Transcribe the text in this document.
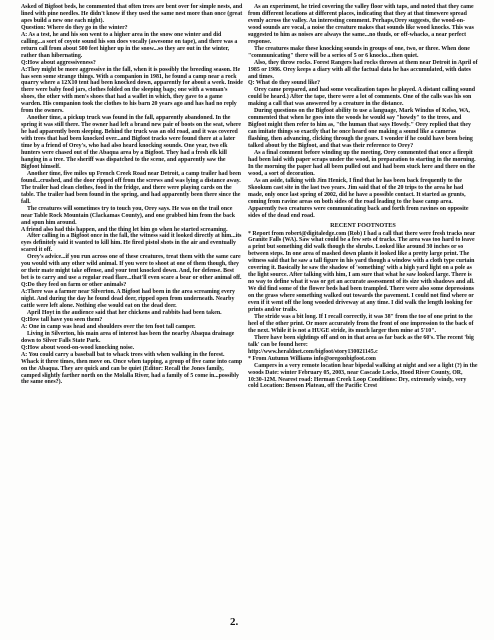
Asked of Bigfoot beds, he commented that often trees are bent over for simple nests, and lined with pine needles. He didn't know if they used the same nest more than once (great apes build a new one each night).

Question: Where do they go in the winter?

A: As a test, he and his son went to a higher area in the snow one winter and did calling...a sort of coyote sound his son does vocally (awesome on tape), and there was a return call from about 500 feet higher up in the snow...so they are out in the winter, rather than hibernating.

Q:How about aggressiveness?

A:They might be more aggressive in the fall, when it is possibly the breeding season. He has seen some strange things. With a companion in 1981, he found a camp near a rock quarry where a 12X10 tent had been knocked down, apparently for about a week. Inside there were baby food jars, clothes folded on the sleeping bags; one with a woman's shoes, the other with men's shoes that had a wallet in which, they gave to a game warden. His companion took the clothes to his barn 20 years ago and has had no reply from the owners.

Another time, a pickup truck was found in the fall, apparently abandoned. In the spring it was still there. The owner had left a brand new pair of boots on the seat, where he had apparently been sleeping. Behind the truck was an old road, and it was covered with trees that had been knocked over...and Bigfoot tracks were found there at a later time by a friend of Orey's, who had also heard knocking sounds. One year, two elk hunters were chased out of the Abaqua area by a Bigfoot. They had a fresh elk kill hanging in a tree. The sheriff was dispatched to the scene, and apparently saw the Bigfoot himself.

Another time, five miles up French Creek Road near Detroit, a camp trailer had been found...crushed, and the door ripped off from the screws and was lying a distance away. The trailer had clean clothes, food in the fridge, and there were playing cards on the table. The trailer had been found in the spring, and had apparently been there since the fall.

The creatures will sometimes try to touch you, Orey says. He was on the trail once near Table Rock Mountain (Clackamas County), and one grabbed him from the back and spun him around.

A friend also had this happen, and the thing let him go when he started screaming.

After calling in a Bigfoot once in the fall, the witness said it looked directly at him...its eyes definitely said it wanted to kill him. He fired pistol shots in the air and eventually scared it off.

Orey's advice...if you run across one of these creatures, treat them with the same care you would with any other wild animal. If you were to shoot at one of them though, they or their mate might take offense, and your tent knocked down. And, for defense. Best bet is to carry and use a regular road flare...that'll even scare a bear or other animal off.

Q:Do they feed on farm or other animals?

A:There was a farmer near Silverton. A Bigfoot had been in the area screaming every night. And during the day he found dead deer, ripped open from underneath. Nearby cattle were left alone. Nothing else would eat on the dead deer.

April Hoyt in the audience said that her chickens and rabbits had been taken.

Q:How tall have you seen them?

A: One in camp was head and shoulders over the ten foot tall camper.

Living in Silverton, his main area of interest has been the nearby Abaqua drainage down to Silver Falls State Park.

Q:How about wood-on-wood knocking noise.

A: You could carry a baseball bat to whack trees with when walking in the forest. Whack it three times, then move on. Once when tapping, a group of five came into camp on the Abaqua. They are quick and can be quiet (Editor: Recall the Jones family, camped slightly farther north on the Molalla River, had a family of 5 come in...possibly the same ones?).

As an experiment, he tried covering the valley floor with taps, and noted that they came from different locations at different places, indicating that they at that timewere spread evenly across the valley. An interesting comment. Perhaps,Orey suggests, the wood-on-wood sounds are vocal, a noise the creature makes that sounds like wood knocks. This was suggested to him as noises are always the same...no thuds, or off-whacks, a near perfect response.

The creatures make these knocking sounds in groups of one, two, or three. When done "communicating" there will be a series of 5 or 6 knocks...then quiet.

Also, they throw rocks. Forest Rangers had rocks thrown at them near Detroit in April of 1985 or 1986. Orey keeps a diary with all the factual data he has accumulated, with dates and times.

Q: What do they sound like?

Orey came prepared, and had some vocalization tapes he played. A distant calling sound could be heard.) After the tape, there were a lot of comments. One of the calls was his son making a call that was answered by a creature in the distance.

During questions on the Bigfoot ability to use a language, Mark Windus of Kelso, WA, commented that when he goes into the woods he would say "howdy" to the trees, and Bigfoot might then refer to him as, "the human that says Howdy." Orey replied that they can imitate things so exactly that he once heard one making a sound like a cameras flashing, then advancing, clicking through the gears. I wonder if he could have been being talked about by the Bigfoot, and that was their reference to Orey?

As a final comment before winding up the meeting, Orey commented that once a firepit had been laid with paper scraps under the wood, in preparation to starting in the morning. In the morning the paper had all been pulled out and had been stuck here and there on the wood, a sort of decoration.

As an aside, talking with Jim Henick, I find that he has been back frequently to the Skookum cast site in the last two years. Jim said that of the 20 trips to the area he had made, only once last spring of 2002, did he have a possible contact. It started as grunts, coming from ravine areas on both sides of the road leading to the base camp area. Apparently two creatures were communicating back and forth from ravines on opposite sides of the dead end road.

RECENT FOOTNOTES

* Report from robert@digitaledge.com (Rob) I had a call that there were fresh tracks near Granite Falls (WA). Saw what could be a few sets of tracks. The area was too hard to leave a print but something did walk though the shrubs. Looked like around 30 inches or so between steps. In one area of mashed down plants it looked like a pretty large print. The witness said that he saw a tall figure in his yard though a window with a cloth type curtain covering it. Basically he saw the shadow of 'something' with a high yard light on a pole as the light source. After talking with him, I am sure that what he saw looked large. There is no way to define what it was or get an accurate assessment of its size with shadows and all. We did find some of the flower beds had been trampled. There were also some depressions on the grass where something walked out towards the pavement. I could not find where or even if it went off the long wooded driveway at any time. I did walk the length looking for prints and/or trails.

The stride was a bit long. If I recall correctly, it was 38" from the toe of one print to the heel of the other print. Or more accurately from the front of one impression to the back of the next. While it is not a HUGE stride, its much larger then mine at 5'10".

There have been sightings off and on in that area as far back as the 60's. The recent 'big talk' can be found here:

http://www.heraldnet.com/bigfoot/story130021145.c

* From Autumn Williams info@oregonbigfoot.com

Campers in a very remote location hear bipedal walking at night and see a light (?) in the woods Date: winter February 05, 2003, near Cascade Locks, Hood River County, OR, 10:30-12M. Nearest road: Herman Creek Loop Conditions: Dry, extremely windy, very cold Location: Benson Plateau, off the Pacific Crest

2.
